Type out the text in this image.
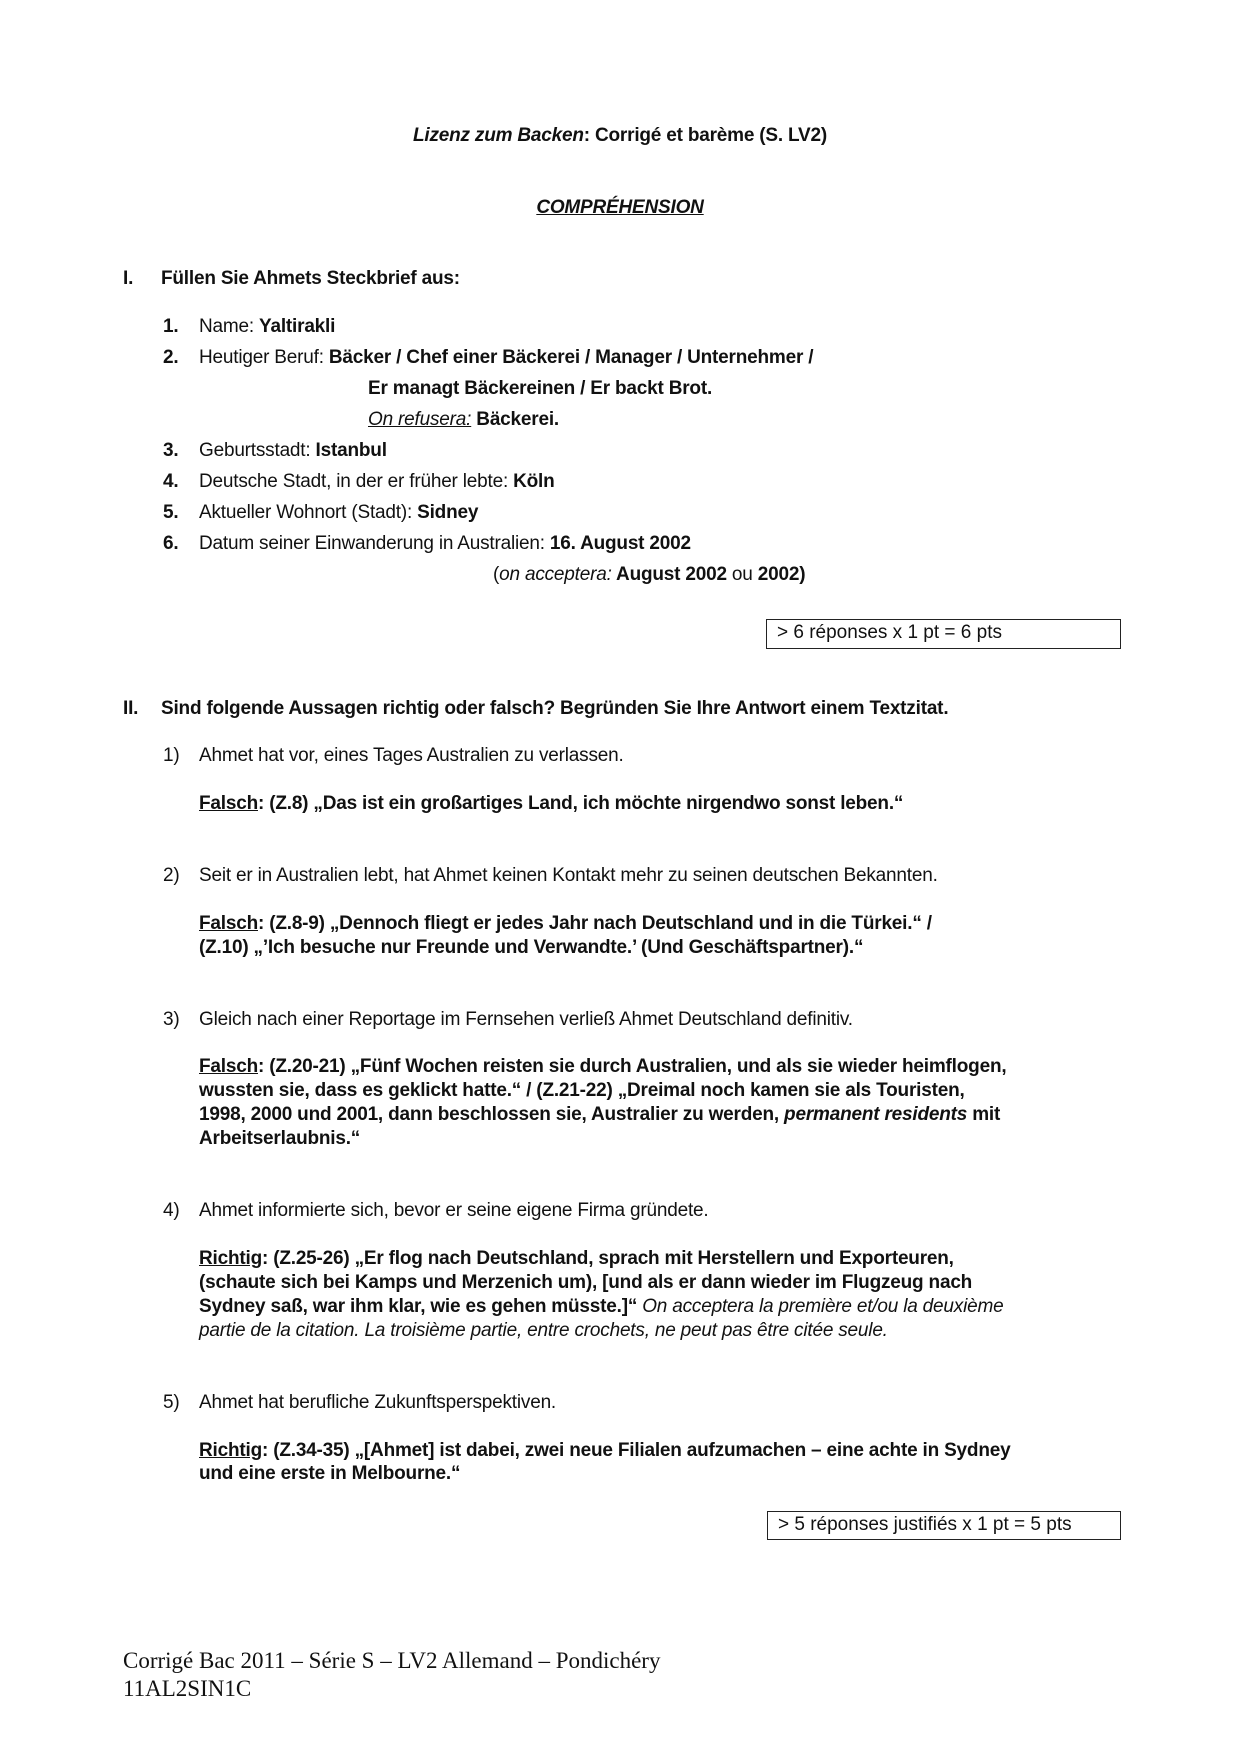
Lizenz zum Backen: Corrigé et barème (S. LV2)
COMPRÉHENSION
I. Füllen Sie Ahmets Steckbrief aus:
1. Name: Yaltirakli
2. Heutiger Beruf: Bäcker / Chef einer Bäckerei / Manager / Unternehmer /
Er managt Bäckereinen / Er backt Brot.
On refusera: Bäckerei.
3. Geburtsstadt: Istanbul
4. Deutsche Stadt, in der er früher lebte: Köln
5. Aktueller Wohnort (Stadt): Sidney
6. Datum seiner Einwanderung in Australien: 16. August 2002
(on acceptera: August 2002 ou 2002)
> 6 réponses x 1 pt = 6 pts
II. Sind folgende Aussagen richtig oder falsch? Begründen Sie Ihre Antwort einem Textzitat.
1) Ahmet hat vor, eines Tages Australien zu verlassen.
Falsch: (Z.8) „Das ist ein großartiges Land, ich möchte nirgendwo sonst leben.“
2) Seit er in Australien lebt, hat Ahmet keinen Kontakt mehr zu seinen deutschen Bekannten.
Falsch: (Z.8-9) „Dennoch fliegt er jedes Jahr nach Deutschland und in die Türkei.“ /
(Z.10) „’Ich besuche nur Freunde und Verwandte.’ (Und Geschäftspartner).“
3) Gleich nach einer Reportage im Fernsehen verließ Ahmet Deutschland definitiv.
Falsch: (Z.20-21) „Fünf Wochen reisten sie durch Australien, und als sie wieder heimflogen,
wussten sie, dass es geklickt hatte.“ / (Z.21-22) „Dreimal noch kamen sie als Touristen,
1998, 2000 und 2001, dann beschlossen sie, Australier zu werden, permanent residents mit
Arbeitserlaubnis.“
4) Ahmet informierte sich, bevor er seine eigene Firma gründete.
Richtig: (Z.25-26) „Er flog nach Deutschland, sprach mit Herstellern und Exporteuren,
(schaute sich bei Kamps und Merzenich um), [und als er dann wieder im Flugzeug nach
Sydney saß, war ihm klar, wie es gehen müsste.]“ On acceptera la première et/ou la deuxième
partie de la citation. La troisième partie, entre crochets, ne peut pas être citée seule.
5) Ahmet hat berufliche Zukunftsperspektiven.
Richtig: (Z.34-35) „[Ahmet] ist dabei, zwei neue Filialen aufzumachen – eine achte in Sydney
und eine erste in Melbourne.“
> 5 réponses justifiés x 1 pt = 5 pts
Corrigé Bac 2011 – Série S – LV2 Allemand – Pondichéry
11AL2SIN1C
